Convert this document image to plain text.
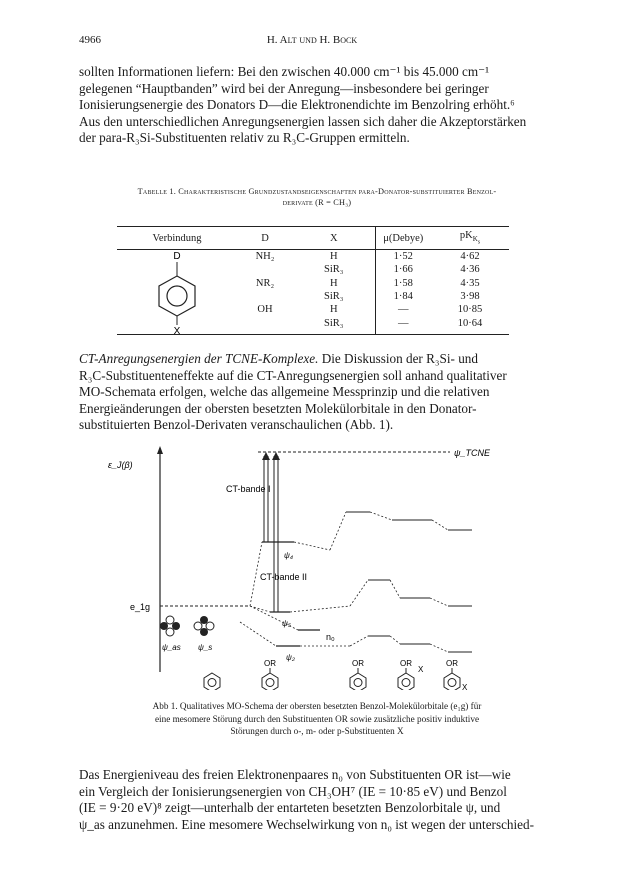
4966	H. Alt und H. Bock

sollten Informationen liefern: Bei den zwischen 40.000 cm⁻¹ bis 45.000 cm⁻¹

gelegenen “Hauptbanden” wird bei der Anregung—insbesondere bei geringer

Ionisierungsenergie des Donators D—die Elektronendichte im Benzolring erhöht.⁶

Aus den unterschiedlichen Anregungsenergien lassen sich daher die Akzeptorstärken

der para-R₃Si-Substituenten relativ zu R₃C-Gruppen ermitteln.

Tabelle 1. Charakteristische Grundzustandseigenschaften para-Donator-substituierter Benzol-
derivate (R = CH₃)
Verbindung	D	X	μ(Debye)	$pK_{K_s}$

D
X	NH₂	H	1·52	4·62
		SiR₃	1·66	4·36
	NR₂	H	1·58	4·35
		SiR₃	1·84	3·98
	OH	H	—	10·85
		SiR₃	—	10·64

CT-Anregungsenergien der TCNE-Komplexe. Die Diskussion der R₃Si- und

R₃C-Substituenteneffekte auf die CT-Anregungsenergien soll anhand qualitativer

MO-Schemata erfolgen, welche das allgemeine Messprinzip und die relativen

Energieänderungen der obersten besetzten Molekülorbitale in den Donator-

substituierten Benzol-Derivaten veranschaulichen (Abb. 1).

ε_J(β)
ψ_TCNE
CT-bande I
CT-bande II
e_1g
ψ₄
ψ₅
n₀
ψ₂
ψ_as ψ_s
OR	OR	OR
X
OR
X
Abb 1. Qualitatives MO-Schema der obersten besetzten Benzol-Molekülorbitale (e₁g) für
eine mesomere Störung durch den Substituenten OR sowie zusätzliche positiv induktive
Störungen durch o-, m- oder p-Substituenten X

Das Energieniveau des freien Elektronenpaares n₀ von Substituenten OR ist—wie

ein Vergleich der Ionisierungsenergien von CH₃OH⁷ (IE = 10·85 eV) und Benzol

(IE = 9·20 eV)⁸ zeigt—unterhalb der entarteten besetzten Benzolorbitale ψ, und

ψ_as anzunehmen. Eine mesomere Wechselwirkung von n₀ ist wegen der unterschied-
